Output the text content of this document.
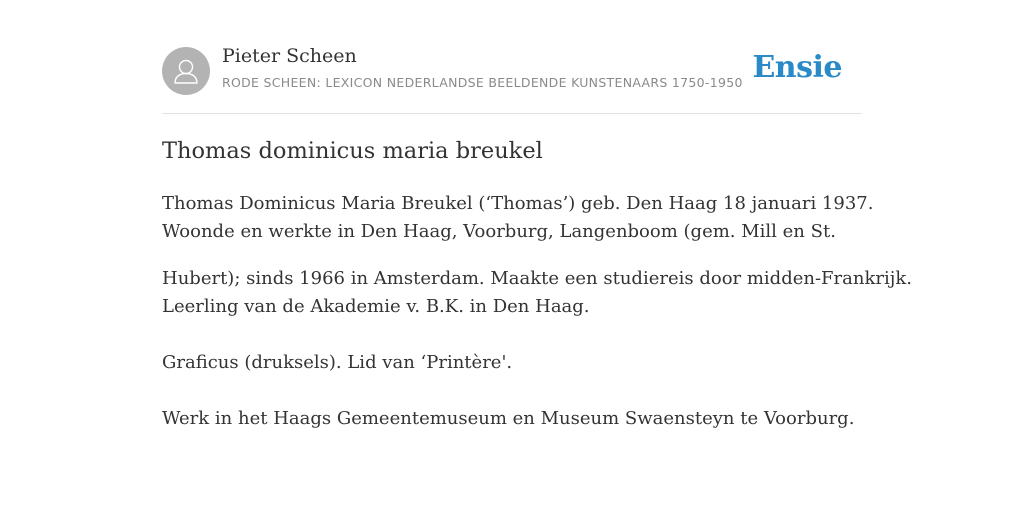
Pieter Scheen
RODE SCHEEN: LEXICON NEDERLANDSE BEELDENDE KUNSTENAARS 1750-1950 Ensie
Thomas dominicus maria breukel

Thomas Dominicus Maria Breukel (‘Thomas’) geb. Den Haag 18 januari 1937.
Woonde en werkte in Den Haag, Voorburg, Langenboom (gem. Mill en St.

Hubert); sinds 1966 in Amsterdam. Maakte een studiereis door midden-Frankrijk.
Leerling van de Akademie v. B.K. in Den Haag.

Graficus (druksels). Lid van ‘Printère'.

Werk in het Haags Gemeentemuseum en Museum Swaensteyn te Voorburg.
